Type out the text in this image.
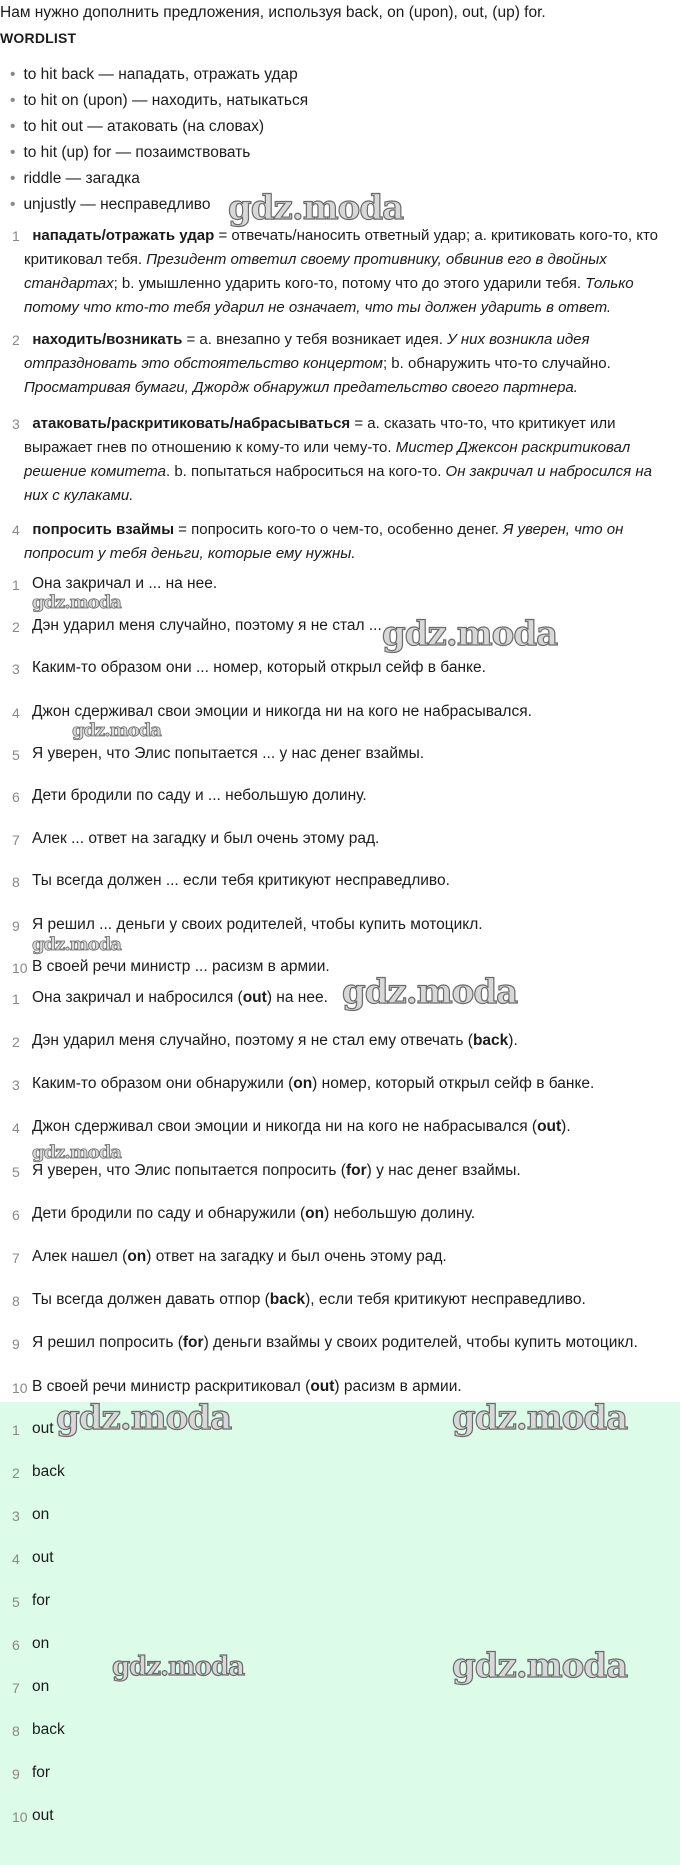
Нам нужно дополнить предложения, используя back, on (upon), out, (up) for.
WORDLIST
• to hit back — нападать, отражать удар
• to hit on (upon) — находить, натыкаться
• to hit out — атаковать (на словах)
• to hit (up) for — позаимствовать
• riddle — загадка
• unjustly — несправедливо
1 нападать/отражать удар = отвечать/наносить ответный удар; a. критиковать кого-то, кто критиковал тебя. Президент ответил своему противнику, обвинив его в двойных стандартах; b. умышленно ударить кого-то, потому что до этого ударили тебя. Только потому что кто-то тебя ударил не означает, что ты должен ударить в ответ.
2 находить/возникать = a. внезапно у тебя возникает идея. У них возникла идея отпраздновать это обстоятельство концертом; b. обнаружить что-то случайно. Просматривая бумаги, Джордж обнаружил предательство своего партнера.
3 атаковать/раскритиковать/набрасываться = a. сказать что-то, что критикует или выражает гнев по отношению к кому-то или чему-то. Мистер Джексон раскритиковал решение комитета. b. попытаться наброситься на кого-то. Он закричал и набросился на них с кулаками.
4 попросить взаймы = попросить кого-то о чем-то, особенно денег. Я уверен, что он попросит у тебя деньги, которые ему нужны.
1 Она закричал и ... на нее.
2 Дэн ударил меня случайно, поэтому я не стал ...
3 Каким-то образом они ... номер, который открыл сейф в банке.
4 Джон сдерживал свои эмоции и никогда ни на кого не набрасывался.
5 Я уверен, что Элис попытается ... у нас денег взаймы.
6 Дети бродили по саду и ... небольшую долину.
7 Алек ... ответ на загадку и был очень этому рад.
8 Ты всегда должен ... если тебя критикуют несправедливо.
9 Я решил ... деньги у своих родителей, чтобы купить мотоцикл.
10 В своей речи министр ... расизм в армии.
1 Она закричал и набросился (out) на нее.
2 Дэн ударил меня случайно, поэтому я не стал ему отвечать (back).
3 Каким-то образом они обнаружили (on) номер, который открыл сейф в банке.
4 Джон сдерживал свои эмоции и никогда ни на кого не набрасывался (out).
5 Я уверен, что Элис попытается попросить (for) у нас денег взаймы.
6 Дети бродили по саду и обнаружили (on) небольшую долину.
7 Алек нашел (on) ответ на загадку и был очень этому рад.
8 Ты всегда должен давать отпор (back), если тебя критикуют несправедливо.
9 Я решил попросить (for) деньги взаймы у своих родителей, чтобы купить мотоцикл.
10 В своей речи министр раскритиковал (out) расизм в армии.
1 out
2 back
3 on
4 out
5 for
6 on
7 on
8 back
9 for
10 out
gdz.moda
gdz.moda
gdz.moda
gdz.moda
gdz.moda
gdz.moda
gdz.moda
gdz.moda	gdz.moda
gdz.moda	gdz.moda
